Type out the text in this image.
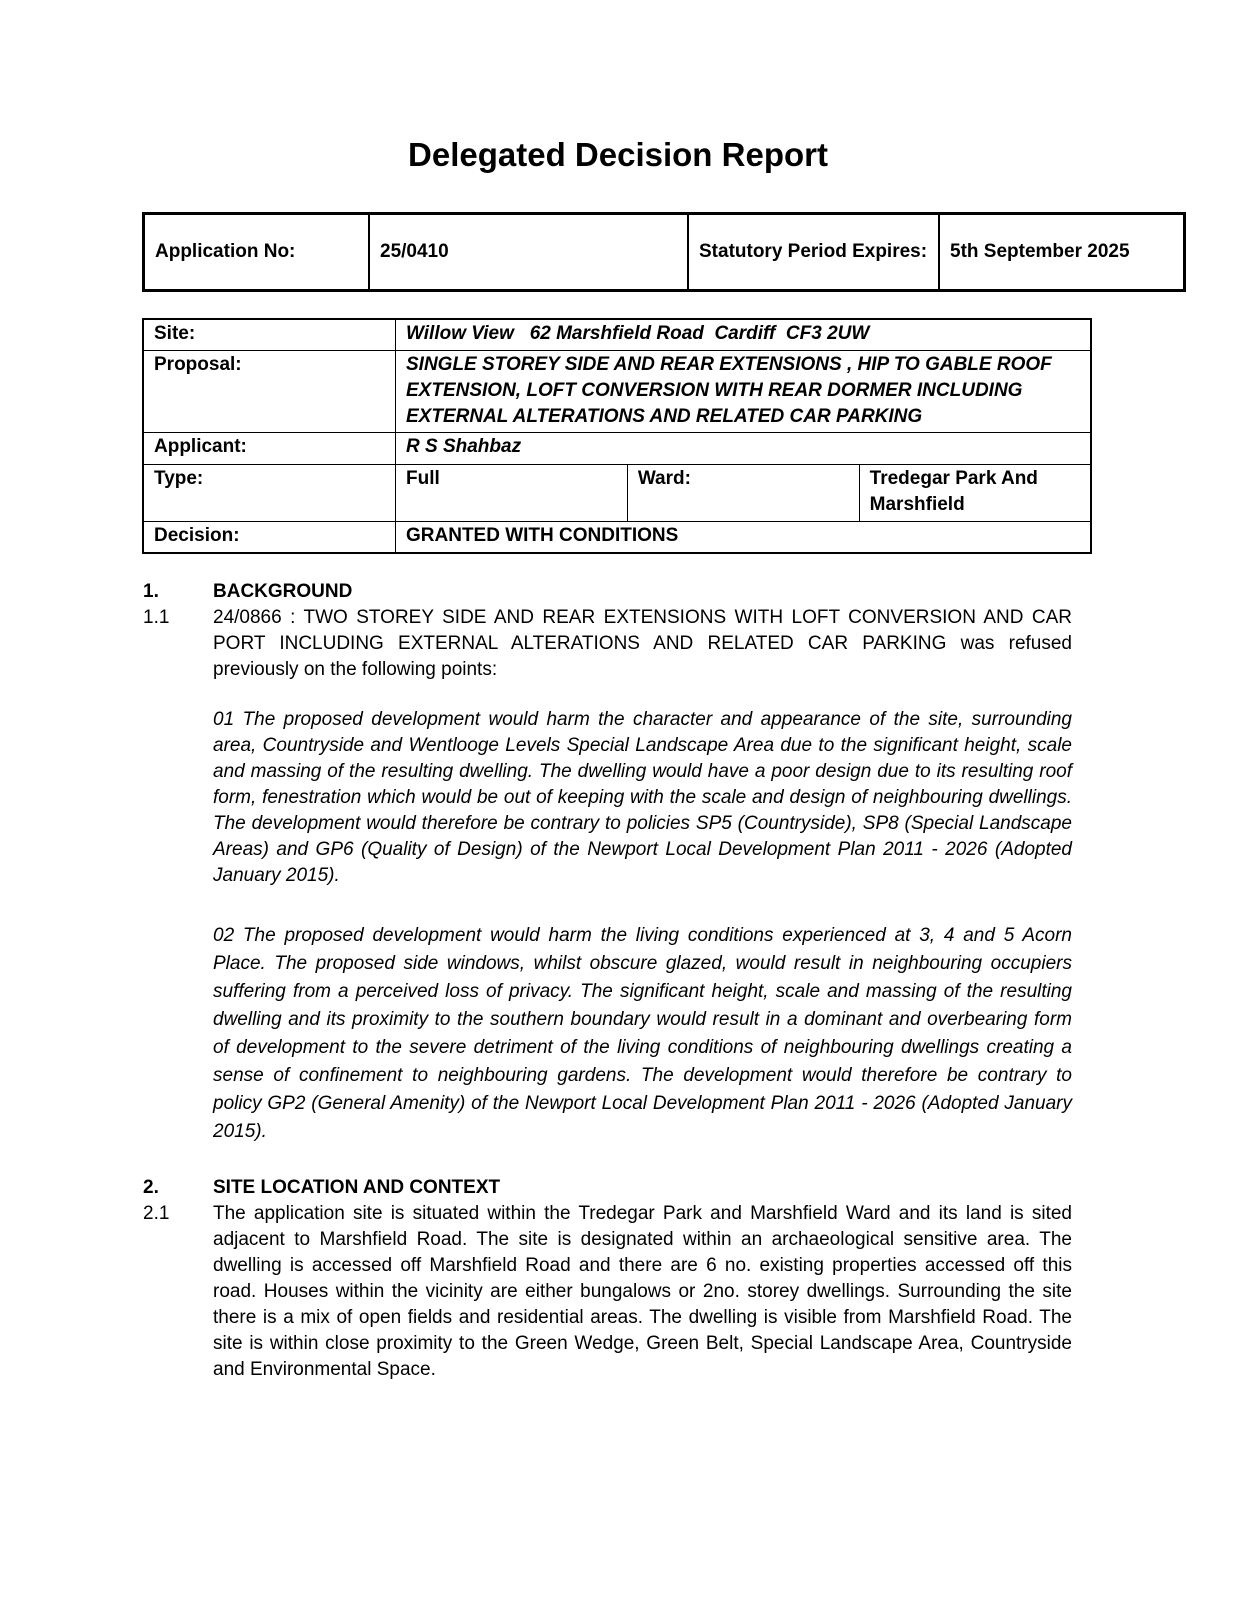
Delegated Decision Report
Application No:	25/0410	Statutory Period Expires:	5th September 2025
Site:	Willow View   62 Marshfield Road  Cardiff  CF3 2UW		
Proposal:	SINGLE STOREY SIDE AND REAR EXTENSIONS , HIP TO GABLE ROOF EXTENSION, LOFT CONVERSION WITH REAR DORMER INCLUDING EXTERNAL ALTERATIONS AND RELATED CAR PARKING		
Applicant:	R S Shahbaz		
Type:	Full	Ward:	Tredegar Park And Marshfield
Decision:	GRANTED WITH CONDITIONS		
1.	BACKGROUND
1.1	24/0866 : TWO STOREY SIDE AND REAR EXTENSIONS WITH LOFT CONVERSION AND CAR PORT INCLUDING EXTERNAL ALTERATIONS AND RELATED CAR PARKING was refused previously on the following points:
01 The proposed development would harm the character and appearance of the site, surrounding area, Countryside and Wentlooge Levels Special Landscape Area due to the significant height, scale and massing of the resulting dwelling. The dwelling would have a poor design due to its resulting roof form, fenestration which would be out of keeping with the scale and design of neighbouring dwellings. The development would therefore be contrary to policies SP5 (Countryside), SP8 (Special Landscape Areas) and GP6 (Quality of Design) of the Newport Local Development Plan 2011 - 2026 (Adopted January 2015).
02 The proposed development would harm the living conditions experienced at 3, 4 and 5 Acorn Place. The proposed side windows, whilst obscure glazed, would result in neighbouring occupiers suffering from a perceived loss of privacy. The significant height, scale and massing of the resulting dwelling and its proximity to the southern boundary would result in a dominant and overbearing form of development to the severe detriment of the living conditions of neighbouring dwellings creating a sense of confinement to neighbouring gardens. The development would therefore be contrary to policy GP2 (General Amenity) of the Newport Local Development Plan 2011 - 2026 (Adopted January 2015).
2.	SITE LOCATION AND CONTEXT
2.1	The application site is situated within the Tredegar Park and Marshfield Ward and its land is sited adjacent to Marshfield Road. The site is designated within an archaeological sensitive area. The dwelling is accessed off Marshfield Road and there are 6 no. existing properties accessed off this road. Houses within the vicinity are either bungalows or 2no. storey dwellings. Surrounding the site there is a mix of open fields and residential areas. The dwelling is visible from Marshfield Road. The site is within close proximity to the Green Wedge, Green Belt, Special Landscape Area, Countryside and Environmental Space.
